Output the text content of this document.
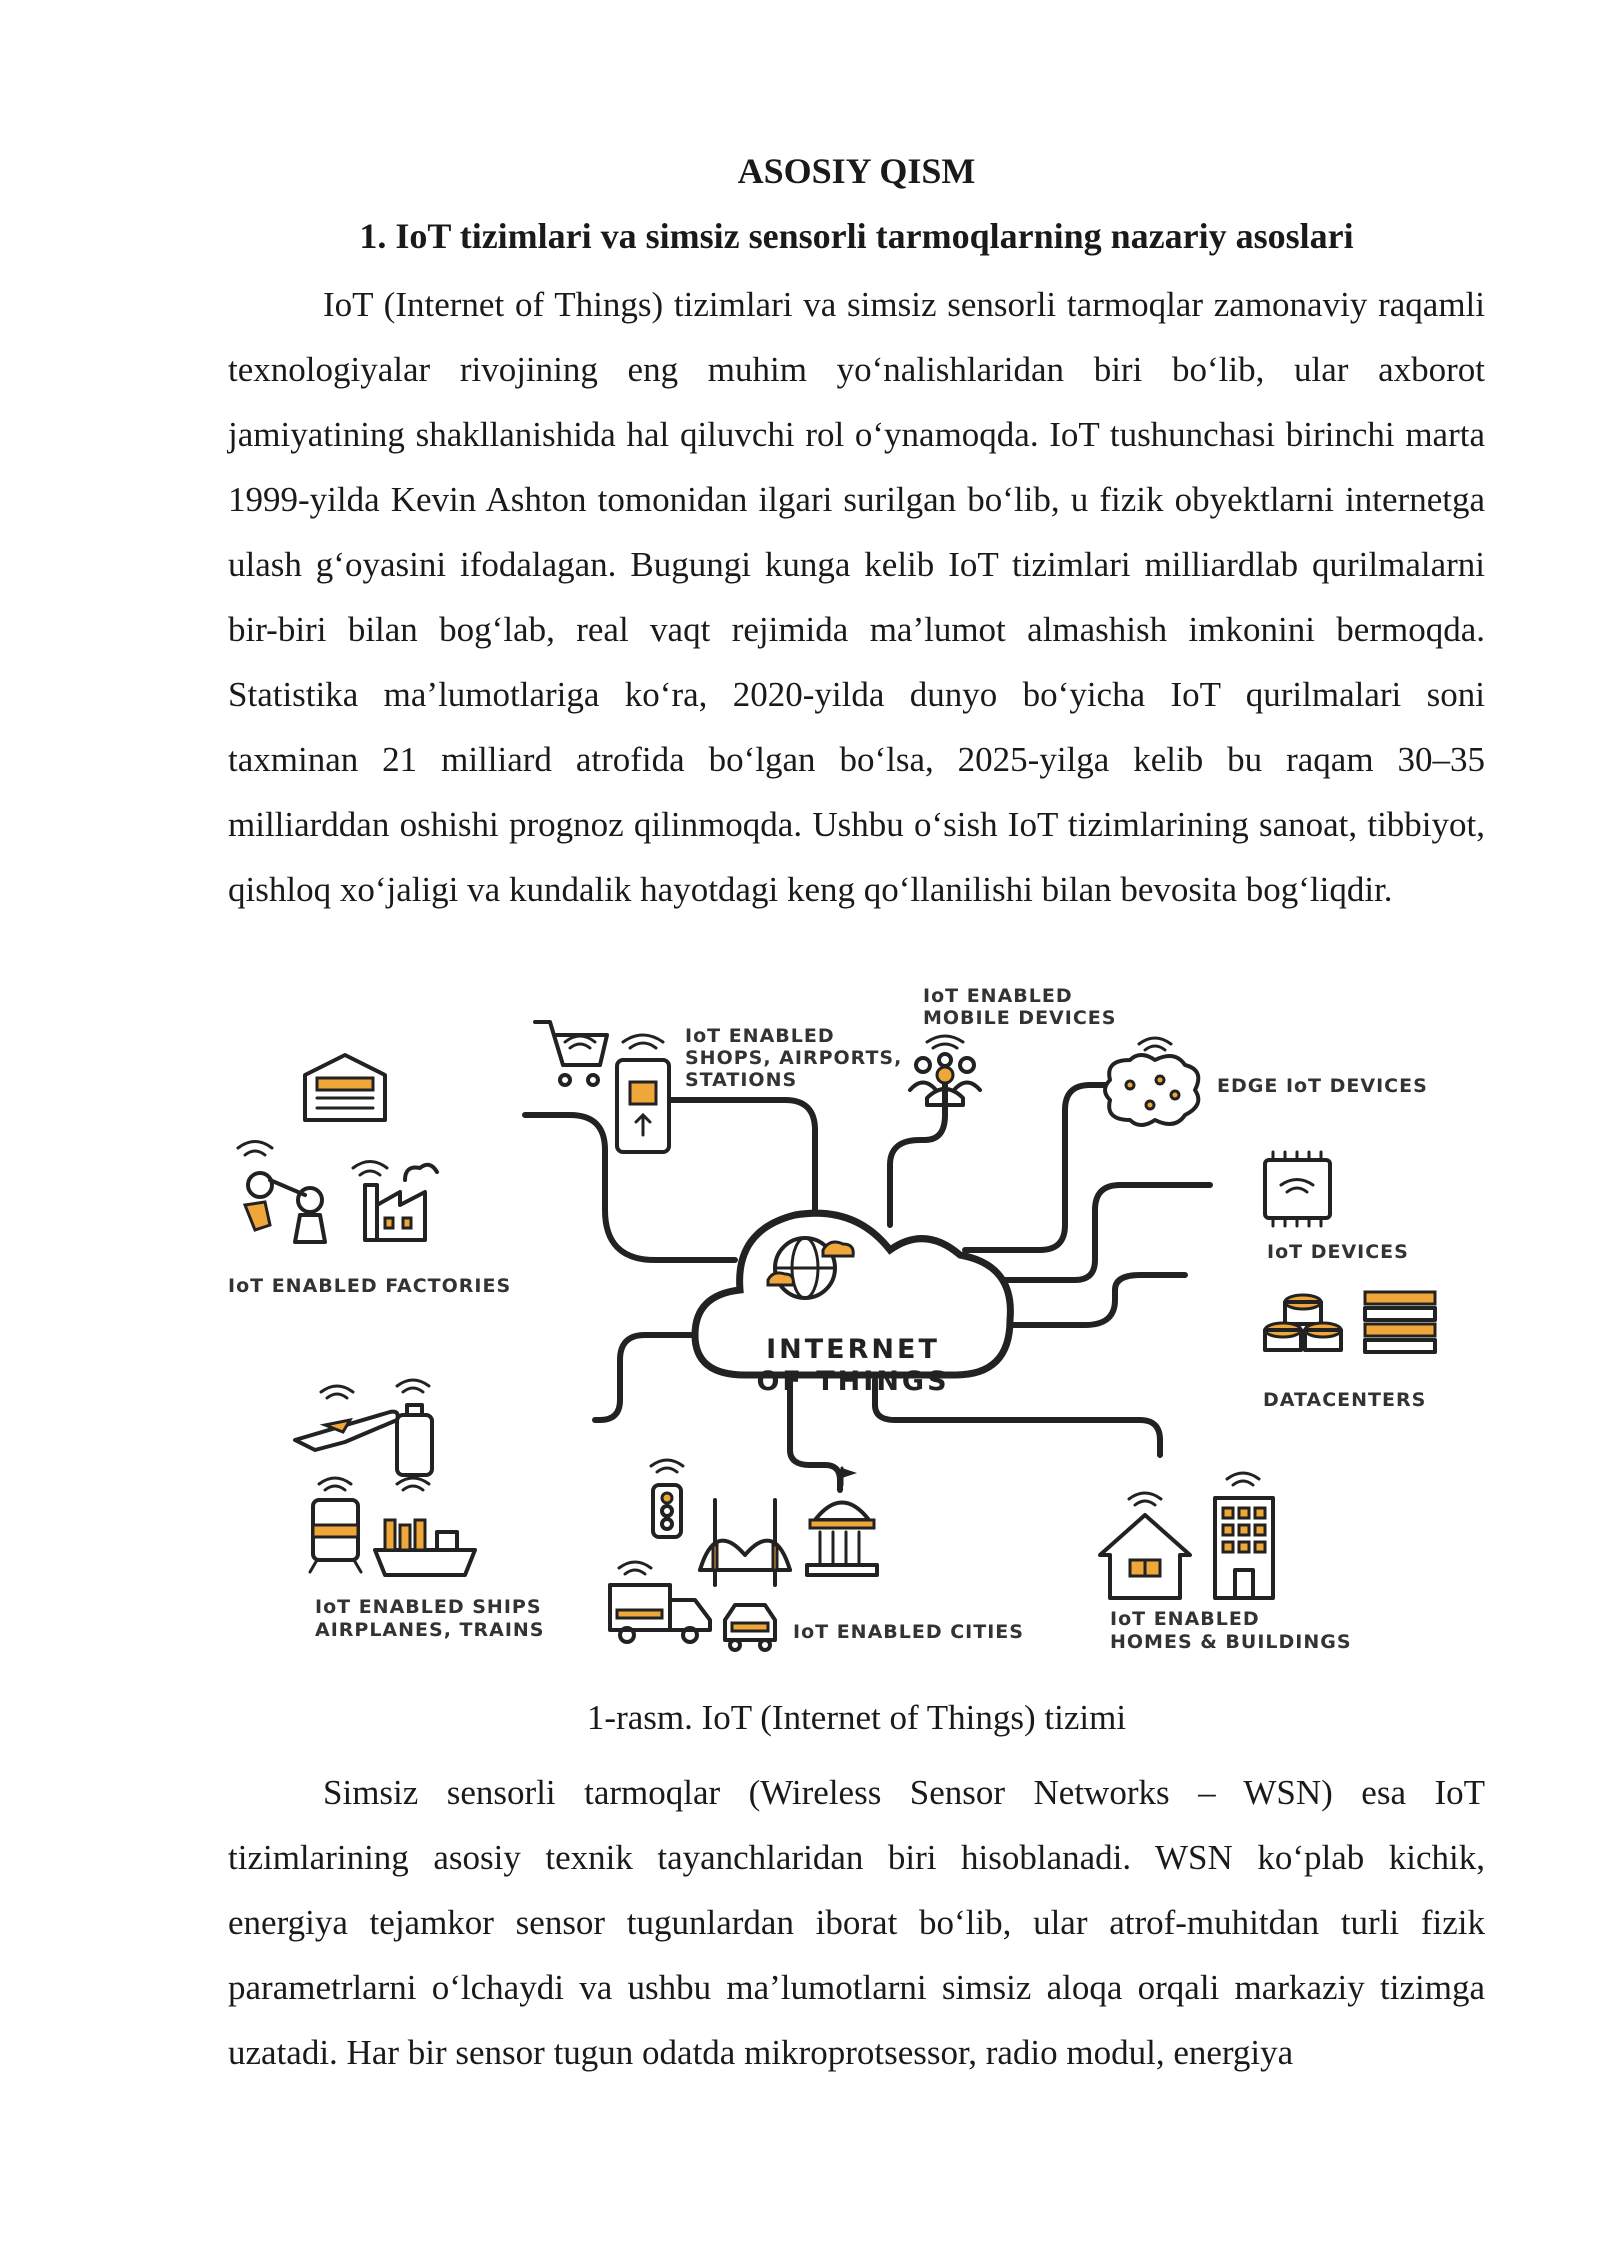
ASOSIY QISM
1. IoT tizimlari va simsiz sensorli tarmoqlarning nazariy asoslari

IoT (Internet of Things) tizimlari va simsiz sensorli tarmoqlar zamonaviy raqamli texnologiyalar rivojining eng muhim yo‘nalishlaridan biri bo‘lib, ular axborot jamiyatining shakllanishida hal qiluvchi rol o‘ynamoqda. IoT tushunchasi birinchi marta 1999-yilda Kevin Ashton tomonidan ilgari surilgan bo‘lib, u fizik obyektlarni internetga ulash g‘oyasini ifodalagan. Bugungi kunga kelib IoT tizimlari milliardlab qurilmalarni bir-biri bilan bog‘lab, real vaqt rejimida ma’lumot almashish imkonini bermoqda. Statistika ma’lumotlariga ko‘ra, 2020-yilda dunyo bo‘yicha IoT qurilmalari soni taxminan 21 milliard atrofida bo‘lgan bo‘lsa, 2025-yilga kelib bu raqam 30–35 milliarddan oshishi prognoz qilinmoqda. Ushbu o‘sish IoT tizimlarining sanoat, tibbiyot, qishloq xo‘jaligi va kundalik hayotdagi keng qo‘llanilishi bilan bevosita bog‘liqdir.

INTERNET
OF THINGS
IoT ENABLED FACTORIES
IoT ENABLED
SHOPS, AIRPORTS,
STATIONS
IoT ENABLED
MOBILE DEVICES
EDGE IoT DEVICES
IoT DEVICES
DATACENTERS
IoT ENABLED SHIPS
AIRPLANES, TRAINS	IoT ENABLED CITIES
IoT ENABLED
HOMES & BUILDINGS
1-rasm. IoT (Internet of Things) tizimi

Simsiz sensorli tarmoqlar (Wireless Sensor Networks – WSN) esa IoT tizimlarining asosiy texnik tayanchlaridan biri hisoblanadi. WSN ko‘plab kichik, energiya tejamkor sensor tugunlardan iborat bo‘lib, ular atrof-muhitdan turli fizik parametrlarni o‘lchaydi va ushbu ma’lumotlarni simsiz aloqa orqali markaziy tizimga uzatadi. Har bir sensor tugun odatda mikroprotsessor, radio modul, energiya
